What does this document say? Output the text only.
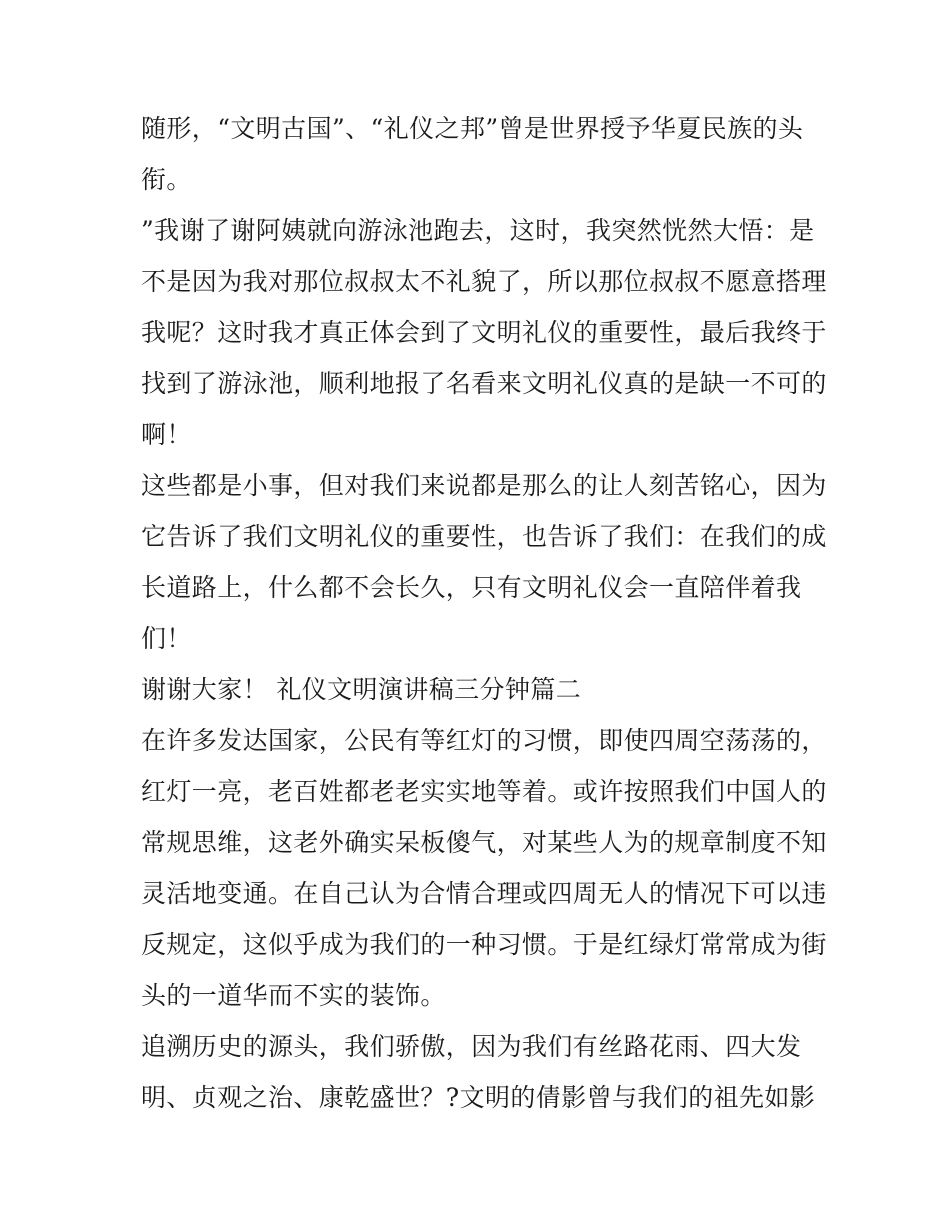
随形，“文明古国”、“礼仪之邦”曾是世界授予华夏民族的头
衔。
”我谢了谢阿姨就向游泳池跑去，这时，我突然恍然大悟：是
不是因为我对那位叔叔太不礼貌了，所以那位叔叔不愿意搭理
我呢？这时我才真正体会到了文明礼仪的重要性，最后我终于
找到了游泳池，顺利地报了名看来文明礼仪真的是缺一不可的
啊！
这些都是小事，但对我们来说都是那么的让人刻苦铭心，因为
它告诉了我们文明礼仪的重要性，也告诉了我们：在我们的成
长道路上，什么都不会长久，只有文明礼仪会一直陪伴着我
们！
谢谢大家！ 礼仪文明演讲稿三分钟篇二
在许多发达国家，公民有等红灯的习惯，即使四周空荡荡的，
红灯一亮，老百姓都老老实实地等着。或许按照我们中国人的
常规思维，这老外确实呆板傻气，对某些人为的规章制度不知
灵活地变通。在自己认为合情合理或四周无人的情况下可以违
反规定，这似乎成为我们的一种习惯。于是红绿灯常常成为街
头的一道华而不实的装饰。
追溯历史的源头，我们骄傲，因为我们有丝路花雨、四大发
明、贞观之治、康乾盛世？?文明的倩影曾与我们的祖先如影
